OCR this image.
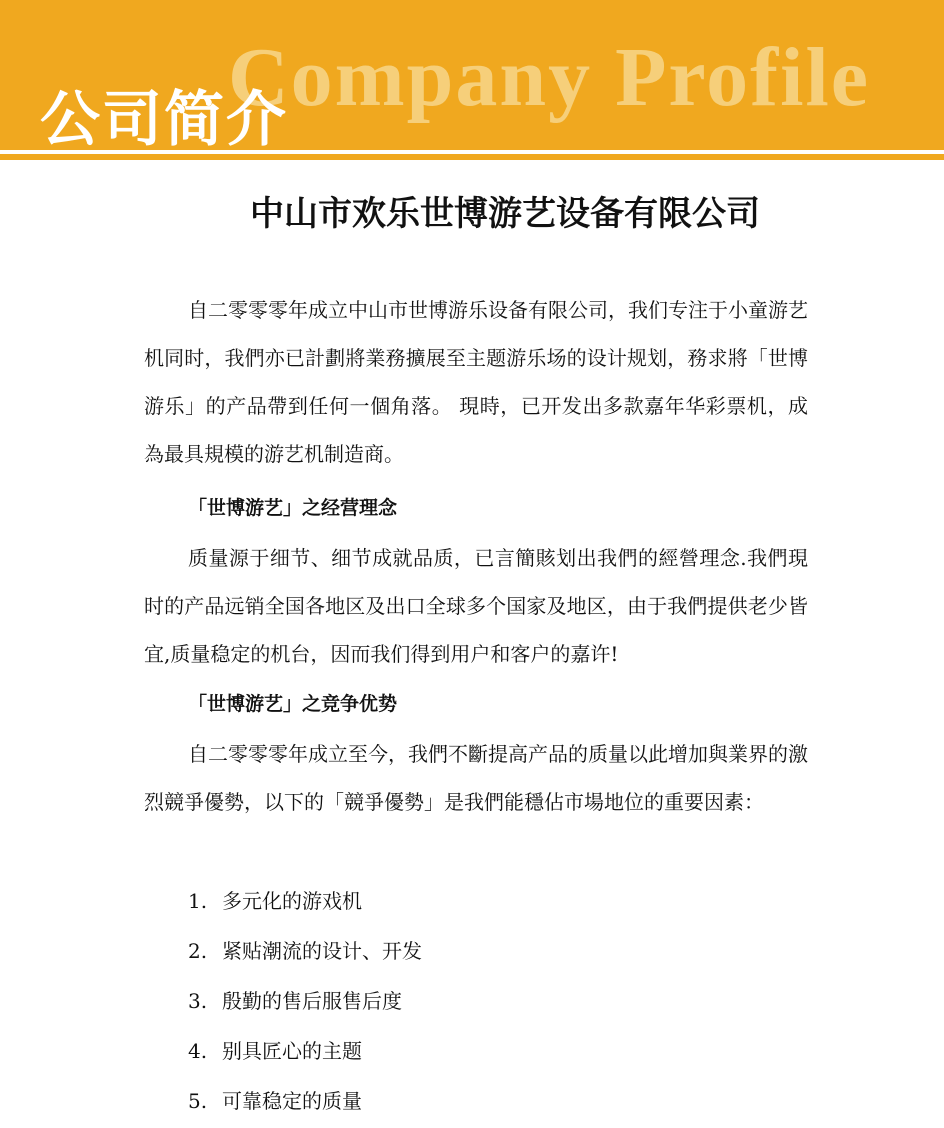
Company Profile
公司简介
中山市欢乐世博游艺设备有限公司

自二零零零年成立中山市世博游乐设备有限公司，我们专注于小童游艺机同时，我們亦已計劃將業務擴展至主题游乐场的设计规划，務求將「世博游乐」的产品帶到任何一個角落。 現時，已开发出多款嘉年华彩票机，成為最具規模的游艺机制造商。

「世博游艺」之经营理念

质量源于细节、细节成就品质，已言簡賅划出我們的經營理念.我們現时的产品远销全国各地区及出口全球多个国家及地区，由于我們提供老少皆宜,质量稳定的机台，因而我们得到用户和客户的嘉许!

「世博游艺」之竞争优势

自二零零零年成立至今，我們不斷提高产品的质量以此增加與業界的激烈競爭優勢，以下的「競爭優勢」是我們能穩佔市場地位的重要因素：

1. 多元化的游戏机
2. 紧贴潮流的设计、开发
3. 殷勤的售后服售后度
4. 别具匠心的主题
5. 可靠稳定的质量
